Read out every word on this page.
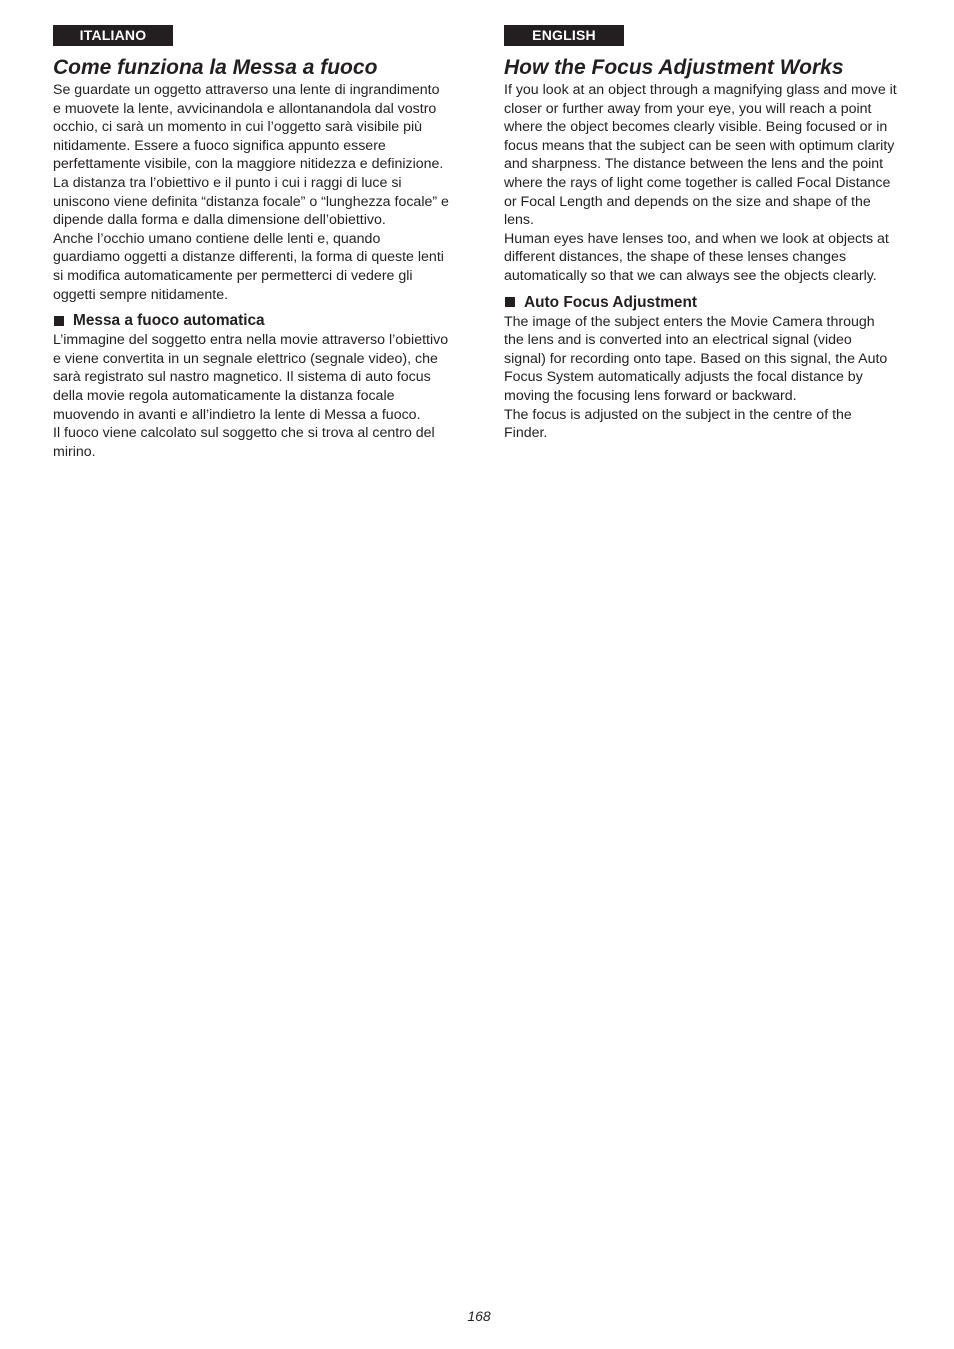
ITALIANO
Come funziona la Messa a fuoco

Se guardate un oggetto attraverso una lente di ingrandimento
e muovete la lente, avvicinandola e allontanandola dal vostro
occhio, ci sarà un momento in cui l’oggetto sarà visibile più
nitidamente. Essere a fuoco significa appunto essere
perfettamente visibile, con la maggiore nitidezza e definizione.
La distanza tra l’obiettivo e il punto i cui i raggi di luce si
uniscono viene definita “distanza focale” o “lunghezza focale” e
dipende dalla forma e dalla dimensione dell’obiettivo.
Anche l’occhio umano contiene delle lenti e, quando
guardiamo oggetti a distanze differenti, la forma di queste lenti
si modifica automaticamente per permetterci di vedere gli
oggetti sempre nitidamente.

Messa a fuoco automatica

L’immagine del soggetto entra nella movie attraverso l’obiettivo
e viene convertita in un segnale elettrico (segnale video), che
sarà registrato sul nastro magnetico. Il sistema di auto focus
della movie regola automaticamente la distanza focale
muovendo in avanti e all’indietro la lente di Messa a fuoco.
Il fuoco viene calcolato sul soggetto che si trova al centro del
mirino.

ENGLISH
How the Focus Adjustment Works

If you look at an object through a magnifying glass and move it
closer or further away from your eye, you will reach a point
where the object becomes clearly visible. Being focused or in
focus means that the subject can be seen with optimum clarity
and sharpness. The distance between the lens and the point
where the rays of light come together is called Focal Distance
or Focal Length and depends on the size and shape of the
lens.
Human eyes have lenses too, and when we look at objects at
different distances, the shape of these lenses changes
automatically so that we can always see the objects clearly.

Auto Focus Adjustment

The image of the subject enters the Movie Camera through
the lens and is converted into an electrical signal (video
signal) for recording onto tape. Based on this signal, the Auto
Focus System automatically adjusts the focal distance by
moving the focusing lens forward or backward.
The focus is adjusted on the subject in the centre of the
Finder.

168
